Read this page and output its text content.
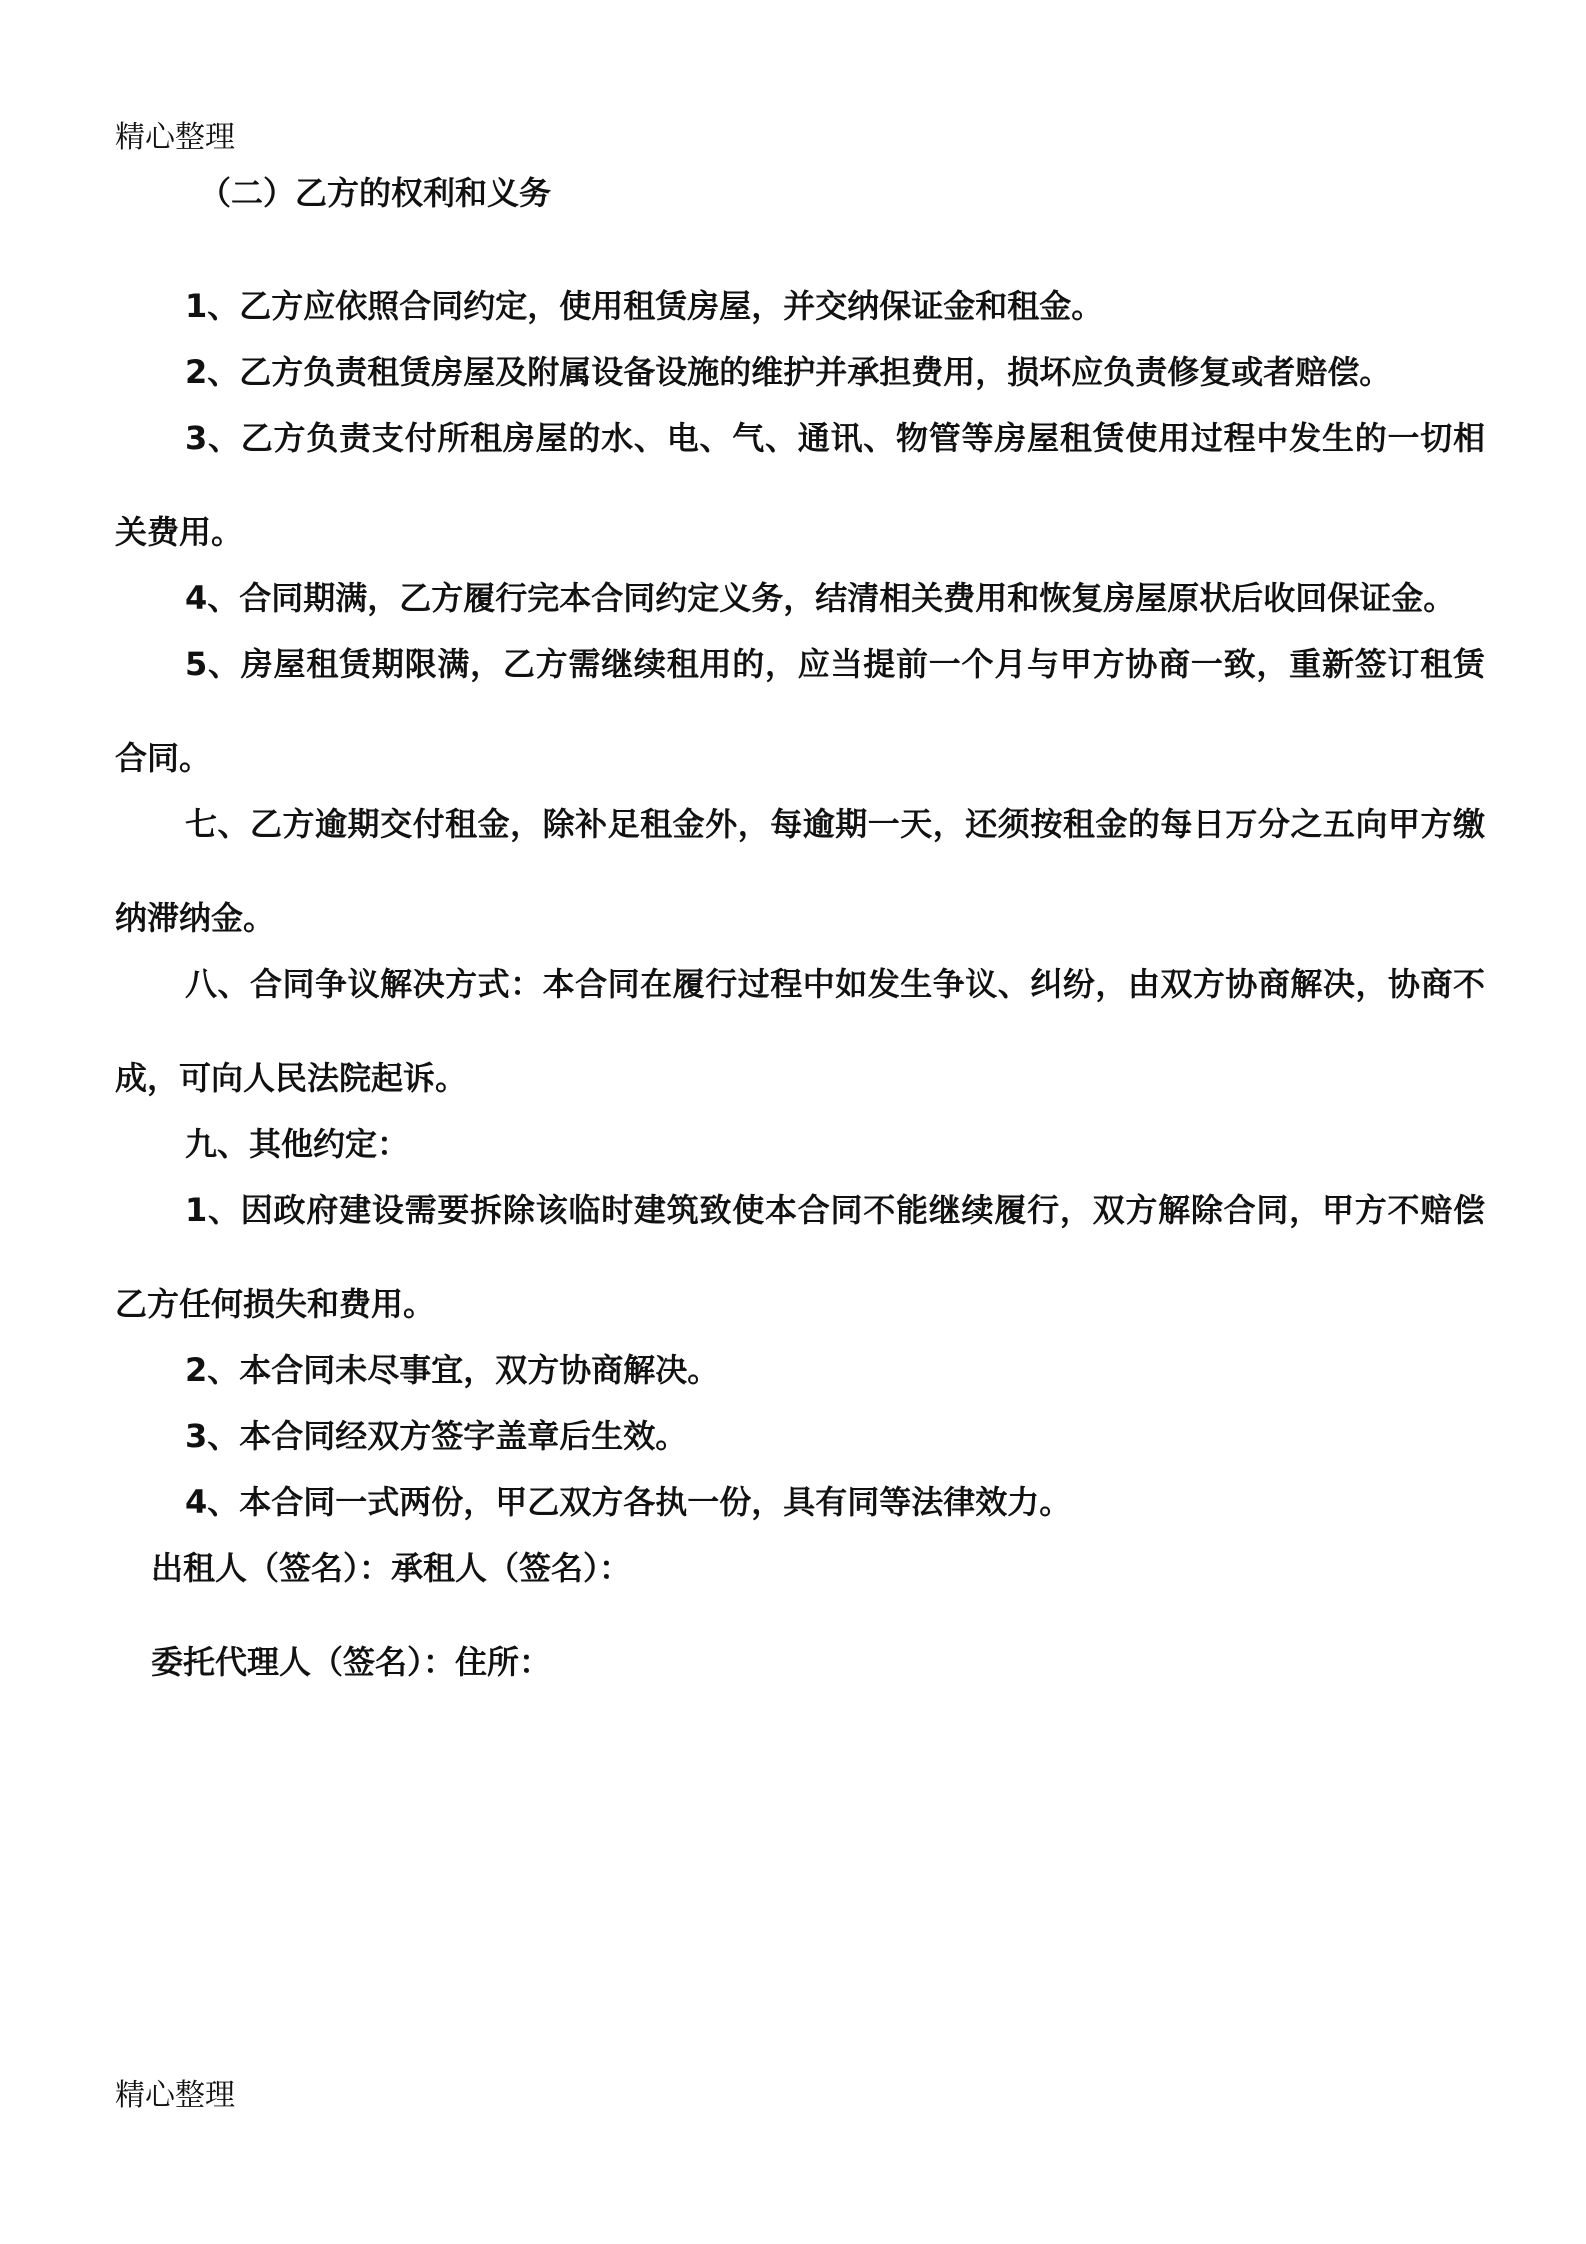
精心整理

（二）乙方的权利和义务

1、乙方应依照合同约定，使用租赁房屋，并交纳保证金和租金。

2、乙方负责租赁房屋及附属设备设施的维护并承担费用，损坏应负责修复或者赔偿。

3、乙方负责支付所租房屋的水、电、气、通讯、物管等房屋租赁使用过程中发生的一切相关费用。

4、合同期满，乙方履行完本合同约定义务，结清相关费用和恢复房屋原状后收回保证金。

5、房屋租赁期限满，乙方需继续租用的，应当提前一个月与甲方协商一致，重新签订租赁合同。

七、乙方逾期交付租金，除补足租金外，每逾期一天，还须按租金的每日万分之五向甲方缴纳滞纳金。

八、合同争议解决方式：本合同在履行过程中如发生争议、纠纷，由双方协商解决，协商不成，可向人民法院起诉。

九、其他约定：

1、因政府建设需要拆除该临时建筑致使本合同不能继续履行，双方解除合同，甲方不赔偿乙方任何损失和费用。

2、本合同未尽事宜，双方协商解决。

3、本合同经双方签字盖章后生效。

4、本合同一式两份，甲乙双方各执一份，具有同等法律效力。

出租人（签名）：承租人（签名）：

委托代理人（签名）：住所：

精心整理
